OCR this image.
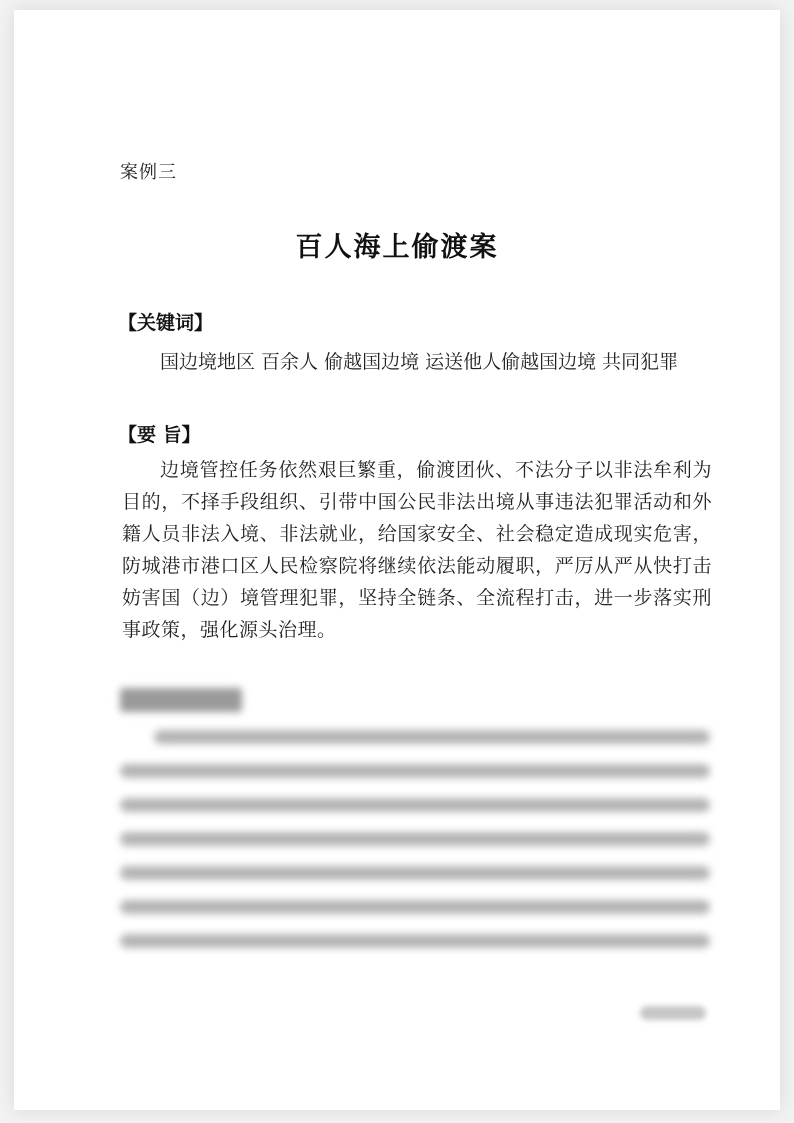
案例三
百人海上偷渡案
【关键词】
国边境地区 百余人 偷越国边境 运送他人偷越国边境 共同犯罪
【要 旨】
边境管控任务依然艰巨繁重，偷渡团伙、不法分子以非法牟利为目的，不择手段组织、引带中国公民非法出境从事违法犯罪活动和外籍人员非法入境、非法就业，给国家安全、社会稳定造成现实危害，防城港市港口区人民检察院将继续依法能动履职，严厉从严从快打击妨害国（边）境管理犯罪，坚持全链条、全流程打击，进一步落实刑事政策，强化源头治理。
